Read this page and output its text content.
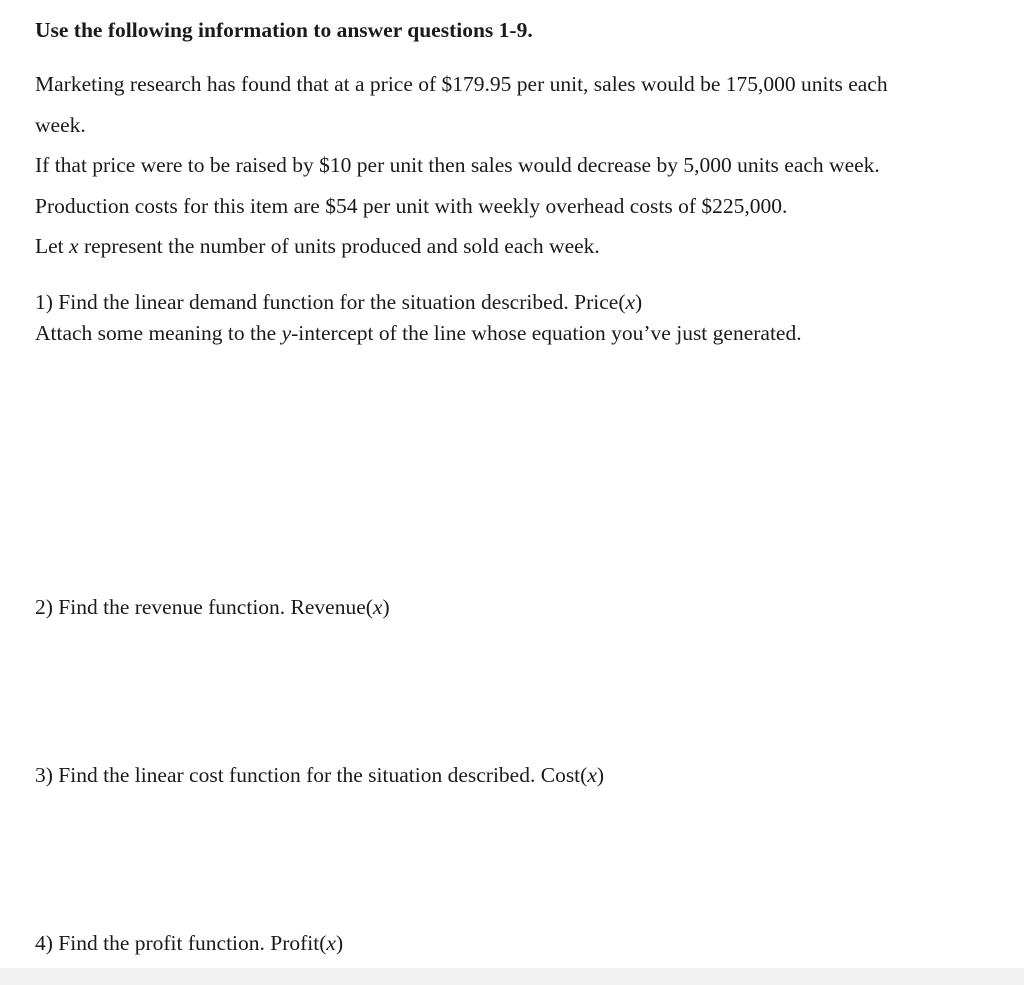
Use the following information to answer questions 1-9.
Marketing research has found that at a price of $179.95 per unit, sales would be 175,000 units each
week.
If that price were to be raised by $10 per unit then sales would decrease by 5,000 units each week.
Production costs for this item are $54 per unit with weekly overhead costs of $225,000.
Let x represent the number of units produced and sold each week.
1) Find the linear demand function for the situation described. Price(x)
Attach some meaning to the y-intercept of the line whose equation you’ve just generated.
2) Find the revenue function. Revenue(x)
3) Find the linear cost function for the situation described. Cost(x)
4) Find the profit function. Profit(x)
